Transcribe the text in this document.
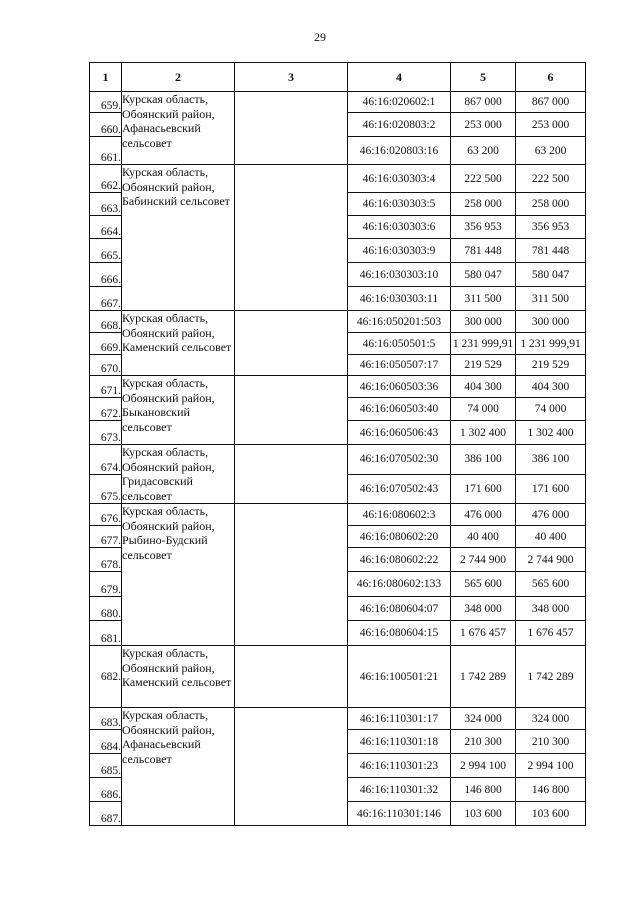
29
1	2	3	4	5	6
659.	Курская область, Обоянский район, Афанасьевский сельсовет		46:16:020602:1	867 000	867 000
660.			46:16:020803:2	253 000	253 000
661.			46:16:020803:16	63 200	63 200
662.	Курская область, Обоянский район, Бабинский сельсовет		46:16:030303:4	222 500	222 500
663.			46:16:030303:5	258 000	258 000
664.			46:16:030303:6	356 953	356 953
665.			46:16:030303:9	781 448	781 448
666.			46:16:030303:10	580 047	580 047
667.			46:16:030303:11	311 500	311 500
668.	Курская область, Обоянский район, Каменский сельсовет		46:16:050201:503	300 000	300 000
669.			46:16:050501:5	1 231 999,91	1 231 999,91
670.			46:16:050507:17	219 529	219 529
671.	Курская область, Обоянский район, Быкановский сельсовет		46:16:060503:36	404 300	404 300
672.			46:16:060503:40	74 000	74 000
673.			46:16:060506:43	1 302 400	1 302 400
674.	Курская область, Обоянский район, Гридасовский сельсовет		46:16:070502:30	386 100	386 100
675.			46:16:070502:43	171 600	171 600
676.	Курская область, Обоянский район, Рыбино-Будский сельсовет		46:16:080602:3	476 000	476 000
677.			46:16:080602:20	40 400	40 400
678.			46:16:080602:22	2 744 900	2 744 900
679.			46:16:080602:133	565 600	565 600
680.			46:16:080604:07	348 000	348 000
681.			46:16:080604:15	1 676 457	1 676 457
682.	Курская область, Обоянский район, Каменский сельсовет		46:16:100501:21	1 742 289	1 742 289
683.	Курская область, Обоянский район, Афанасьевский сельсовет		46:16:110301:17	324 000	324 000
684.			46:16:110301:18	210 300	210 300
685.			46:16:110301:23	2 994 100	2 994 100
686.			46:16:110301:32	146 800	146 800
687.			46:16:110301:146	103 600	103 600
